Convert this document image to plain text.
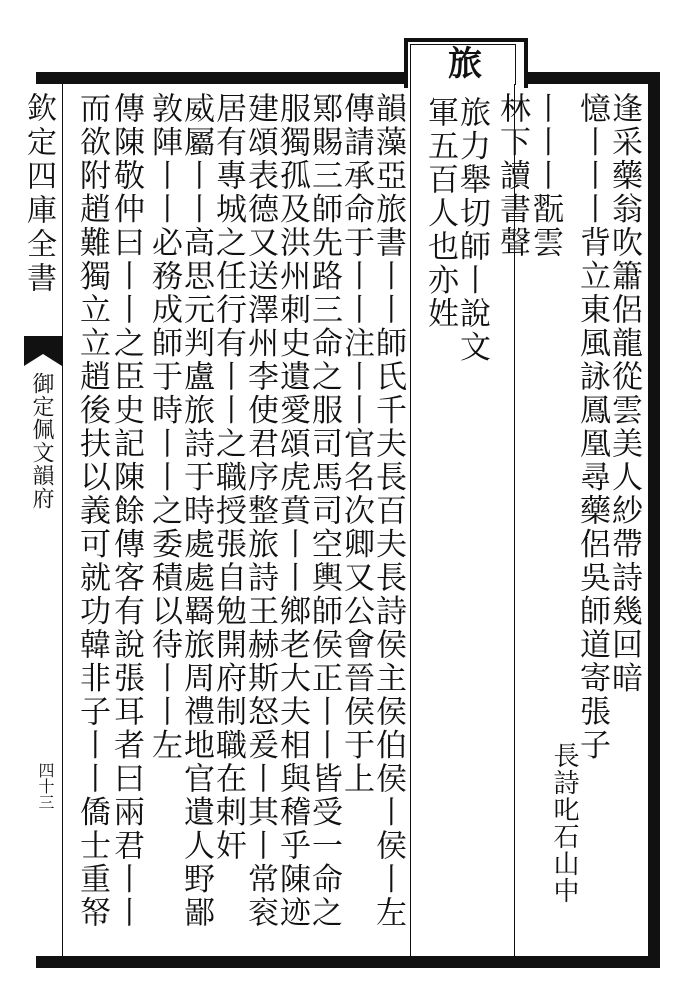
旅
欽定四庫全書
御定佩文韻府
四十三
逢采藥翁吹簫侶龍從雲美人紗帶詩幾回暗
憶丨丨丨背立東風詠鳳凰尋藥侶吳師道寄張子
長詩叱石山中
丨丨丨翫雲
林下讀書聲
旅力舉切師丨說文
軍五百人也亦姓
韻藻亞旅書丨丨師氏千夫長百夫長詩侯主侯伯侯丨侯丨左
傳請承命于丨丨注丨丨官名次卿又公會晉侯于上
鄍賜三師先路三命之服司馬司空輿師侯正丨丨皆受一命之
服獨孤及洪州刺史遺愛頌虎賁丨丨鄉老大夫相與稽乎陳迹
建頌表德又送澤州李使君序整旅詩王赫斯怒爰丨其丨常衮
居有專城之任行有丨丨之職授張自勉開府制職在剌奸
威屬丨丨高思元判盧旅詩于時處處羇旅周禮地官遺人野鄙
敦陣丨丨必務成師于時丨丨之委積以待丨丨左
傳陳敬仲曰丨丨之臣史記陳餘傳客有說張耳者曰兩君丨丨
而欲附趙難獨立立趙後扶以義可就功韓非子丨丨僑士重帑
